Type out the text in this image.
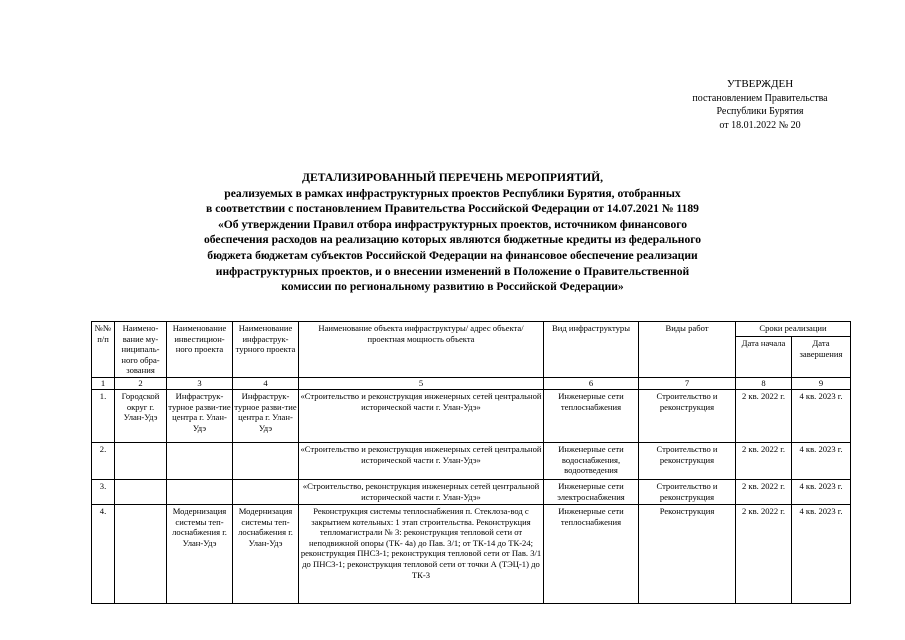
УТВЕРЖДЕН
постановлением Правительства
Республики Бурятия
от 18.01.2022 № 20
ДЕТАЛИЗИРОВАННЫЙ ПЕРЕЧЕНЬ МЕРОПРИЯТИЙ,
реализуемых в рамках инфраструктурных проектов Республики Бурятия, отобранных
в соответствии с постановлением Правительства Российской Федерации от 14.07.2021 № 1189
«Об утверждении Правил отбора инфраструктурных проектов, источником финансового
обеспечения расходов на реализацию которых являются бюджетные кредиты из федерального
бюджета бюджетам субъектов Российской Федерации на финансовое обеспечение реализации
инфраструктурных проектов, и о внесении изменений в Положение о Правительственной
комиссии по региональному развитию в Российской Федерации»
№№ п/п	Наимено-вание му-ниципаль-ного обра-зования	Наименование инвестицион-ного проекта	Наименование инфраструк-турного проекта	Наименование объекта инфраструктуры/ адрес объекта/ проектная мощность объекта	Вид инфраструктуры	Виды работ	Сроки реализации	
							Дата начала	Дата завершения
1	2	3	4	5	6	7	8	9
1.	Городской округ г. Улан-Удэ	Инфраструк-турное разви-тие центра г. Улан-Удэ	Инфраструк-турное разви-тие центра г. Улан-Удэ	«Строительство и реконструкция инженерных сетей центральной исторической части г. Улан-Удэ»	Инженерные сети теплоснабжения	Строительство и реконструкция	2 кв. 2022 г.	4 кв. 2023 г.
2.				«Строительство и реконструкция инженерных сетей центральной исторической части г. Улан-Удэ»	Инженерные сети водоснабжения, водоотведения	Строительство и реконструкция	2 кв. 2022 г.	4 кв. 2023 г.
3.				«Строительство, реконструкция инженерных сетей центральной исторической части г. Улан-Удэ»	Инженерные сети электроснабжения	Строительство и реконструкция	2 кв. 2022 г.	4 кв. 2023 г.
4.		Модернизация системы теп-лоснабжения г. Улан-Удэ	Модернизация системы теп-лоснабжения г. Улан-Удэ	Реконструкция системы теплоснабжения п. Стеклоза-вод с закрытием котельных: 1 этап строительства. Реконструкция тепломагистрали № 3: реконструкция тепловой сети от неподвижной опоры (ТК- 4а) до Пав. 3/1; от ТК-14 до ТК-24; реконструкция ПНС3-1; реконструкция тепловой сети от Пав. 3/1 до ПНС3-1; реконструкция тепловой сети от точки А (ТЭЦ-1) до ТК-3	Инженерные сети теплоснабжения	Реконструкция	2 кв. 2022 г.	4 кв. 2023 г.
